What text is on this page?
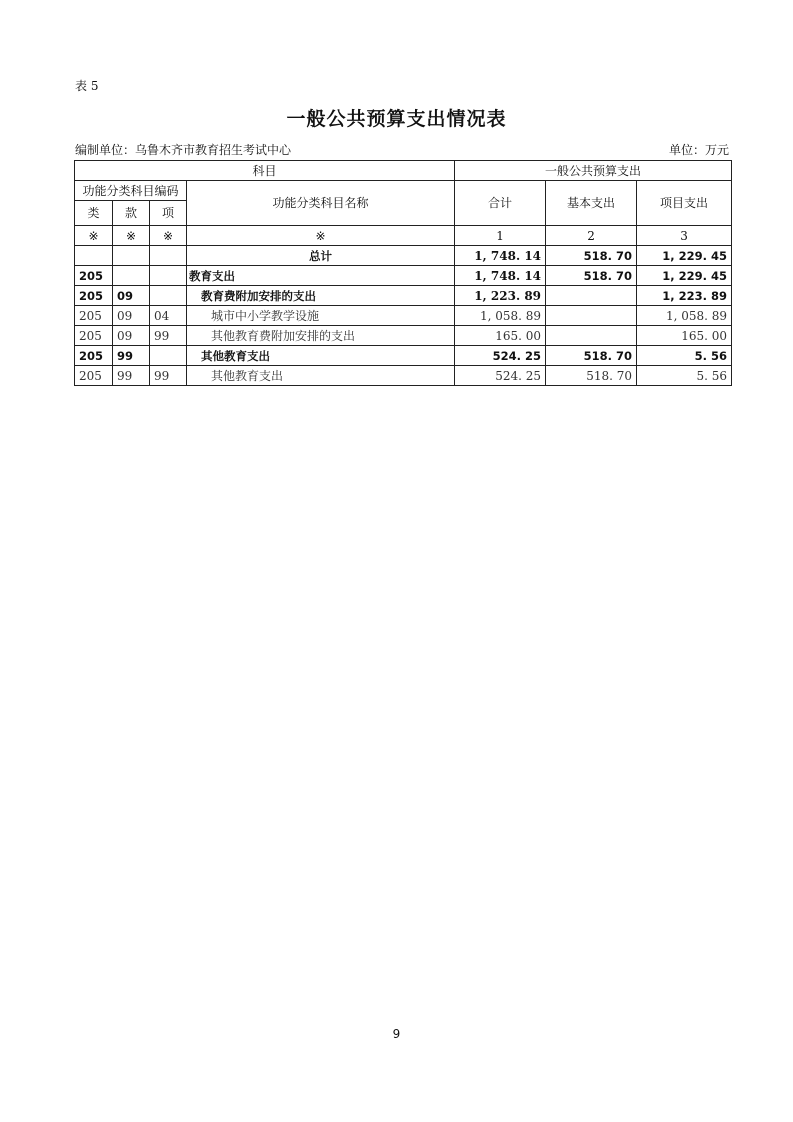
表 5
一般公共预算支出情况表
编制单位：乌鲁木齐市教育招生考试中心	单位：万元
科目				一般公共预算支出		
功能分类科目编码			功能分类科目名称	合计	基本支出	项目支出
类	款	项				
※	※	※	※	1	2	3
			总计	1, 748. 14	518. 70	1, 229. 45
205			教育支出	1, 748. 14	518. 70	1, 229. 45
205	09		教育费附加安排的支出	1, 223. 89		1, 223. 89
205	09	04	城市中小学教学设施	1, 058. 89		1, 058. 89
205	09	99	其他教育费附加安排的支出	165. 00		165. 00
205	99		其他教育支出	524. 25	518. 70	5. 56
205	99	99	其他教育支出	524. 25	518. 70	5. 56
9
